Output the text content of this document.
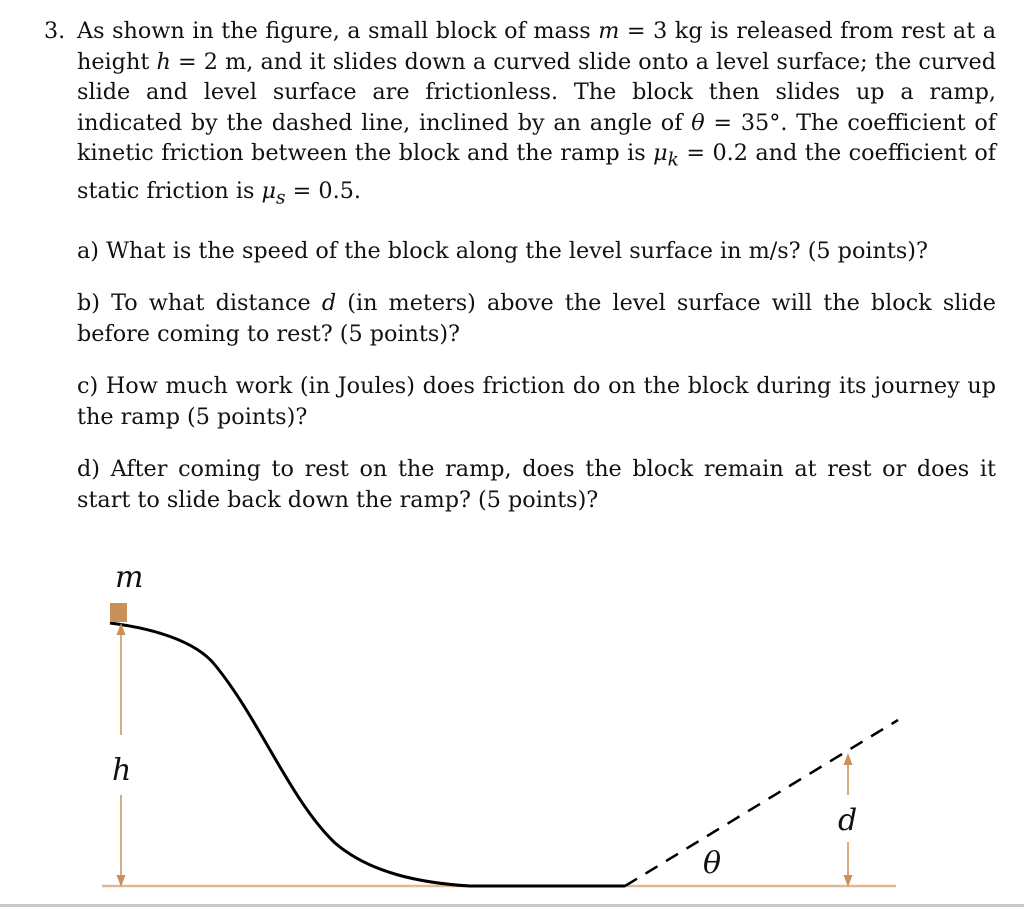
3. As shown in the figure, a small block of mass m = 3 kg is released from rest at a height h = 2 m, and it slides down a curved slide onto a level surface; the curved slide and level surface are frictionless. The block then slides up a ramp, indicated by the dashed line, inclined by an angle of θ = 35°. The coefficient of kinetic friction between the block and the ramp is $\mu_k = 0.2$ and the coefficient of static friction is $\mu_s = 0.5$.
a) What is the speed of the block along the level surface in m/s? (5 points)?
b) To what distance d (in meters) above the level surface will the block slide before coming to rest? (5 points)?
c) How much work (in Joules) does friction do on the block during its journey up the ramp (5 points)?
d) After coming to rest on the ramp, does the block remain at rest or does it start to slide back down the ramp? (5 points)?
m
h
θ
d
